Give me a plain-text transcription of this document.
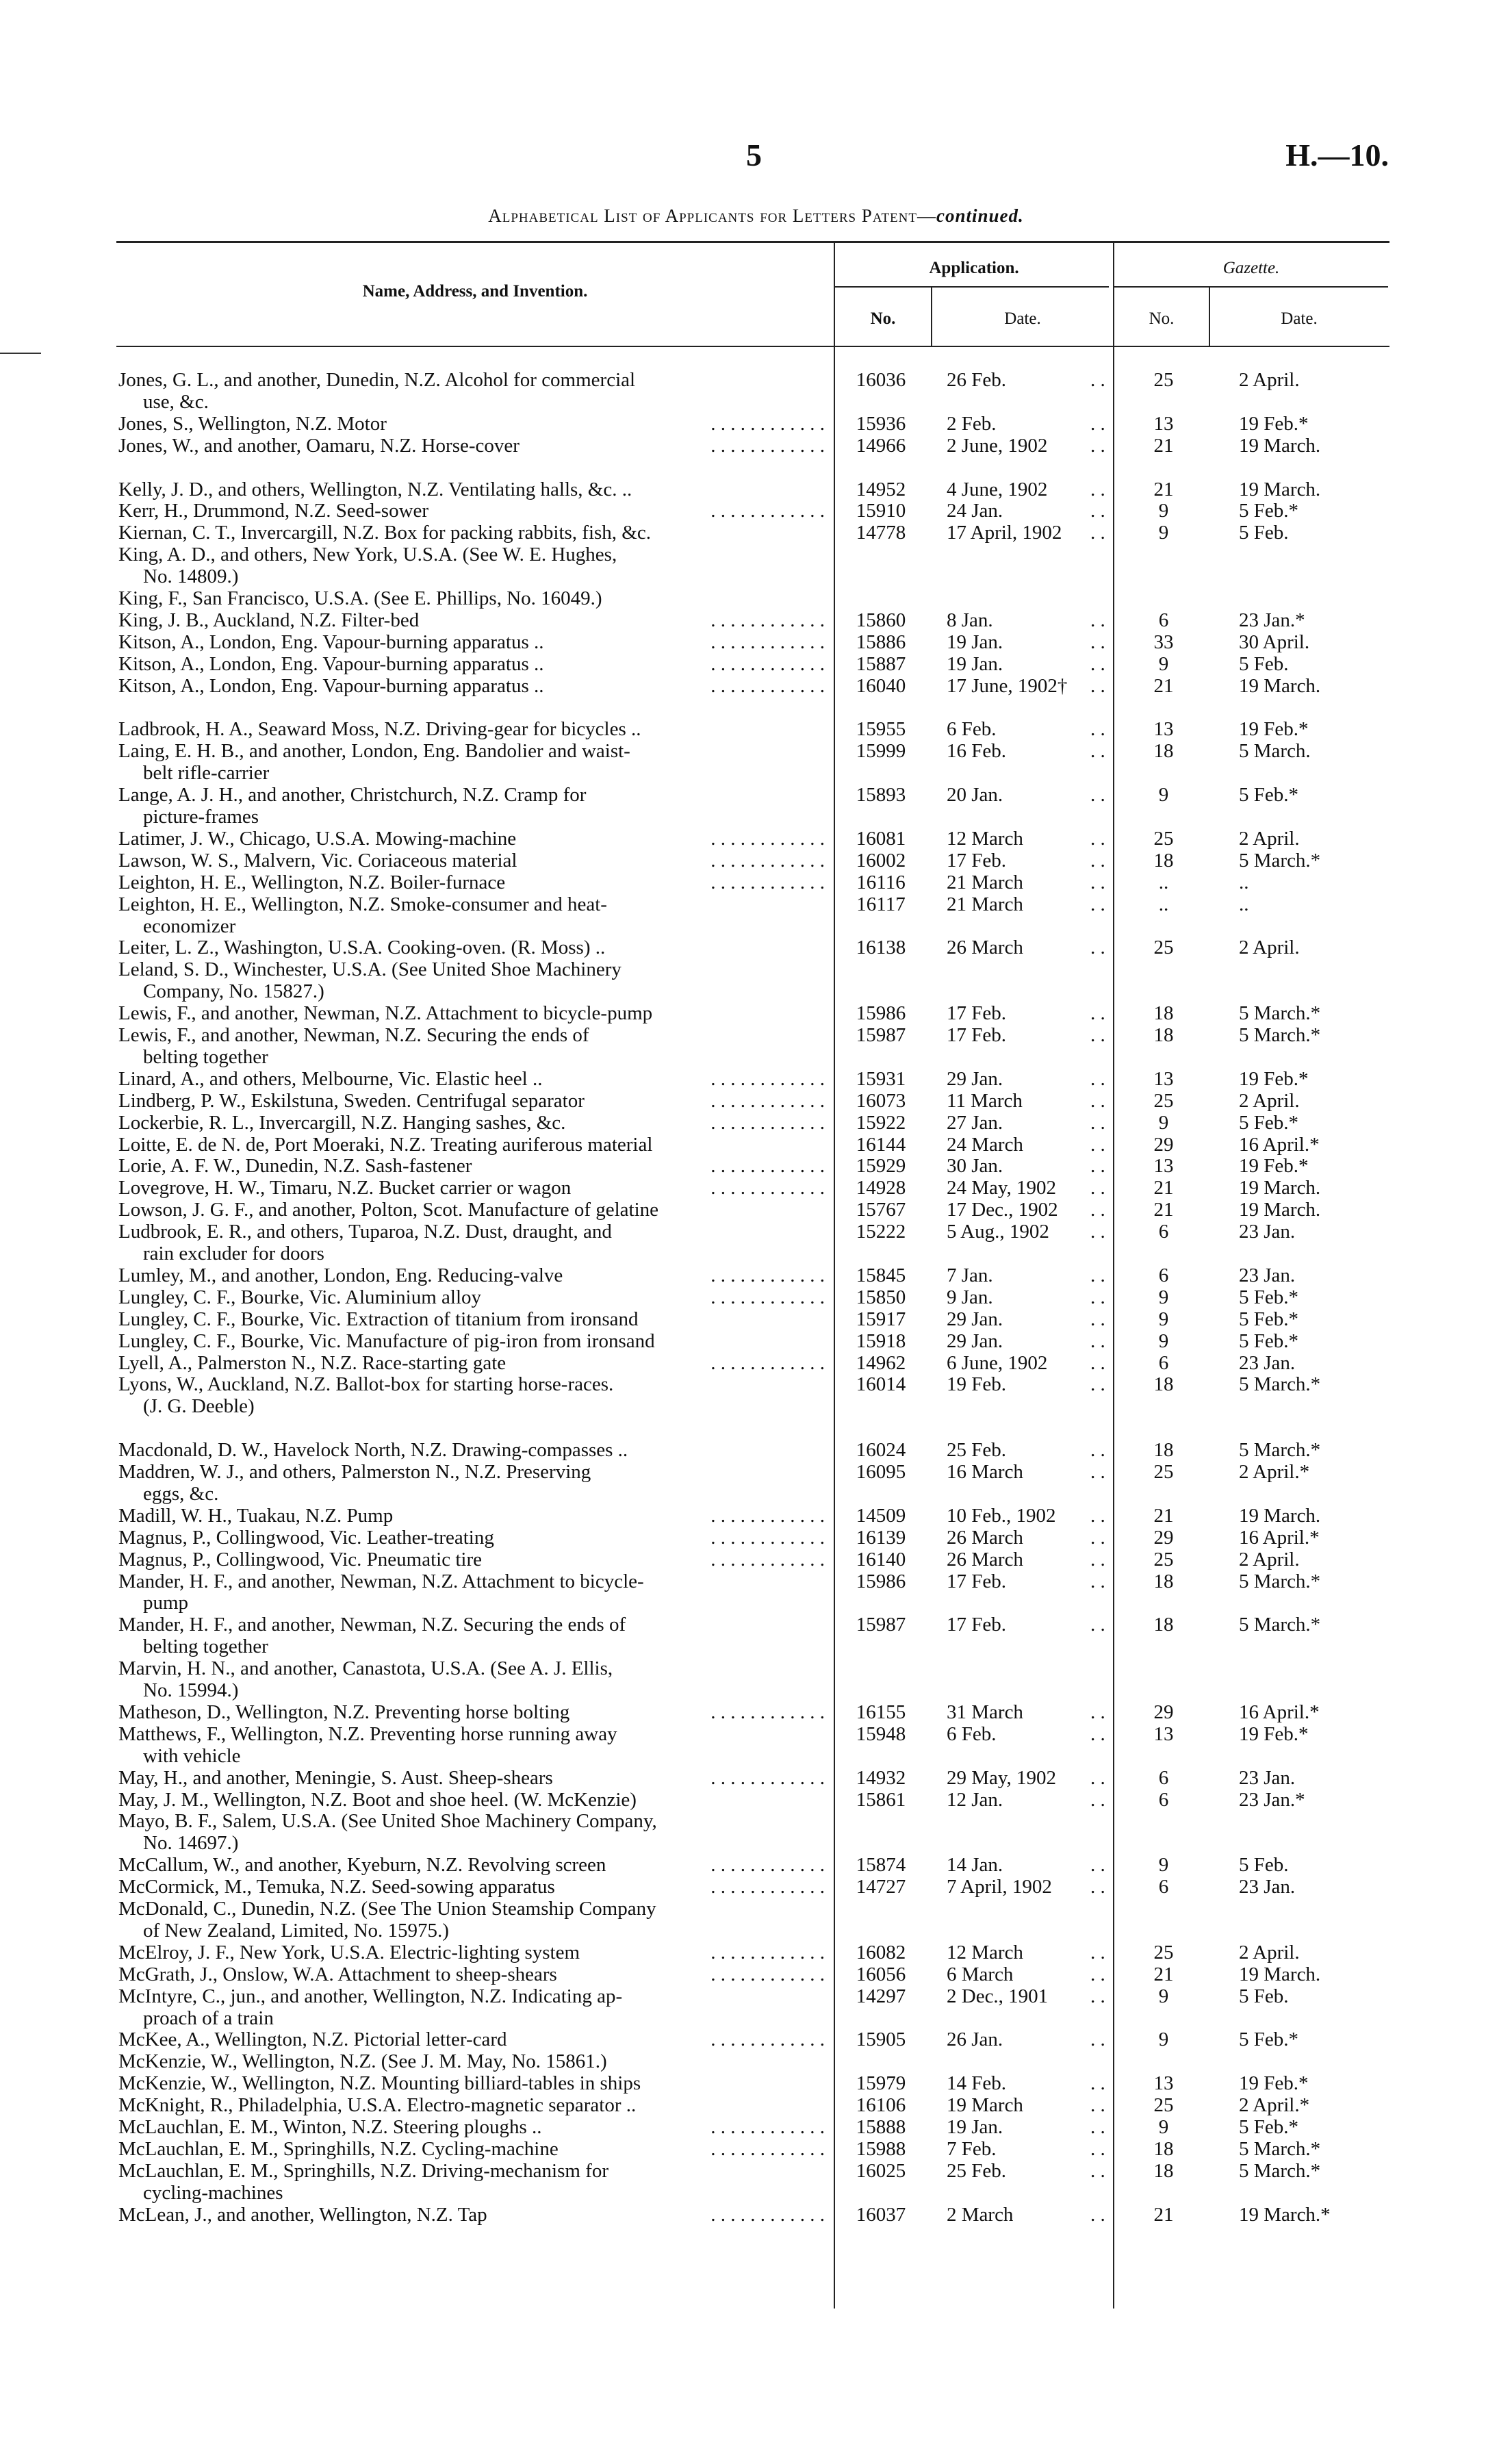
5	H.—10.
Alphabetical List of Applicants for Letters Patent—continued.
Name, Address, and Invention.
Application.
No.	Date.
Gazette.
No.	Date.
Jones, G. L., and another, Dunedin, N.Z. Alcohol for commercial	16036	26 Feb. . .	25	2 April.
use, &c.
Jones, S., Wellington, N.Z. Motor . .	15936	2 Feb. . .	13	19 Feb.*
Jones, W., and another, Oamaru, N.Z. Horse-cover . .	14966	2 June, 1902 . .	21	19 March.
Kelly, J. D., and others, Wellington, N.Z. Ventilating halls, &c. ..	14952	4 June, 1902 . .	21	19 March.
Kerr, H., Drummond, N.Z. Seed-sower . .	15910	24 Jan. . .	9	5 Feb.*
Kiernan, C. T., Invercargill, N.Z. Box for packing rabbits, fish, &c.	14778	17 April, 1902 . .	9	5 Feb.
King, A. D., and others, New York, U.S.A. (See W. E. Hughes,
No. 14809.)
King, F., San Francisco, U.S.A. (See E. Phillips, No. 16049.)
King, J. B., Auckland, N.Z. Filter-bed . .	15860	8 Jan. . .	6	23 Jan.*
Kitson, A., London, Eng. Vapour-burning apparatus .. . .	15886	19 Jan. . .	33	30 April.
Kitson, A., London, Eng. Vapour-burning apparatus .. . .	15887	19 Jan. . .	9	5 Feb.
Kitson, A., London, Eng. Vapour-burning apparatus .. . .	16040	17 June, 1902† . .	21	19 March.
Ladbrook, H. A., Seaward Moss, N.Z. Driving-gear for bicycles ..	15955	6 Feb. . .	13	19 Feb.*
Laing, E. H. B., and another, London, Eng. Bandolier and waist-	15999	16 Feb. . .	18	5 March.
belt rifle-carrier
Lange, A. J. H., and another, Christchurch, N.Z. Cramp for	15893	20 Jan. . .	9	5 Feb.*
picture-frames
Latimer, J. W., Chicago, U.S.A. Mowing-machine . .	16081	12 March . .	25	2 April.
Lawson, W. S., Malvern, Vic. Coriaceous material . .	16002	17 Feb. . .	18	5 March.*
Leighton, H. E., Wellington, N.Z. Boiler-furnace . .	16116	21 March . .	..	..
Leighton, H. E., Wellington, N.Z. Smoke-consumer and heat-	16117	21 March . .	..	..
economizer
Leiter, L. Z., Washington, U.S.A. Cooking-oven. (R. Moss) ..	16138	26 March . .	25	2 April.
Leland, S. D., Winchester, U.S.A. (See United Shoe Machinery
Company, No. 15827.)
Lewis, F., and another, Newman, N.Z. Attachment to bicycle-pump	15986	17 Feb. . .	18	5 March.*
Lewis, F., and another, Newman, N.Z. Securing the ends of	15987	17 Feb. . .	18	5 March.*
belting together
Linard, A., and others, Melbourne, Vic. Elastic heel .. . .	15931	29 Jan. . .	13	19 Feb.*
Lindberg, P. W., Eskilstuna, Sweden. Centrifugal separator . .	16073	11 March . .	25	2 April.
Lockerbie, R. L., Invercargill, N.Z. Hanging sashes, &c. . .	15922	27 Jan. . .	9	5 Feb.*
Loitte, E. de N. de, Port Moeraki, N.Z. Treating auriferous material	16144	24 March . .	29	16 April.*
Lorie, A. F. W., Dunedin, N.Z. Sash-fastener . .	15929	30 Jan. . .	13	19 Feb.*
Lovegrove, H. W., Timaru, N.Z. Bucket carrier or wagon . .	14928	24 May, 1902 . .	21	19 March.
Lowson, J. G. F., and another, Polton, Scot. Manufacture of gelatine	15767	17 Dec., 1902 . .	21	19 March.
Ludbrook, E. R., and others, Tuparoa, N.Z. Dust, draught, and	15222	5 Aug., 1902 . .	6	23 Jan.
rain excluder for doors
Lumley, M., and another, London, Eng. Reducing-valve . .	15845	7 Jan. . .	6	23 Jan.
Lungley, C. F., Bourke, Vic. Aluminium alloy . .	15850	9 Jan. . .	9	5 Feb.*
Lungley, C. F., Bourke, Vic. Extraction of titanium from ironsand	15917	29 Jan. . .	9	5 Feb.*
Lungley, C. F., Bourke, Vic. Manufacture of pig-iron from ironsand	15918	29 Jan. . .	9	5 Feb.*
Lyell, A., Palmerston N., N.Z. Race-starting gate . .	14962	6 June, 1902 . .	6	23 Jan.
Lyons, W., Auckland, N.Z. Ballot-box for starting horse-races.	16014	19 Feb. . .	18	5 March.*
(J. G. Deeble)
Macdonald, D. W., Havelock North, N.Z. Drawing-compasses ..	16024	25 Feb. . .	18	5 March.*
Maddren, W. J., and others, Palmerston N., N.Z. Preserving	16095	16 March . .	25	2 April.*
eggs, &c.
Madill, W. H., Tuakau, N.Z. Pump . .	14509	10 Feb., 1902 . .	21	19 March.
Magnus, P., Collingwood, Vic. Leather-treating . .	16139	26 March . .	29	16 April.*
Magnus, P., Collingwood, Vic. Pneumatic tire . .	16140	26 March . .	25	2 April.
Mander, H. F., and another, Newman, N.Z. Attachment to bicycle-	15986	17 Feb. . .	18	5 March.*
pump
Mander, H. F., and another, Newman, N.Z. Securing the ends of	15987	17 Feb. . .	18	5 March.*
belting together
Marvin, H. N., and another, Canastota, U.S.A. (See A. J. Ellis,
No. 15994.)
Matheson, D., Wellington, N.Z. Preventing horse bolting . .	16155	31 March . .	29	16 April.*
Matthews, F., Wellington, N.Z. Preventing horse running away	15948	6 Feb. . .	13	19 Feb.*
with vehicle
May, H., and another, Meningie, S. Aust. Sheep-shears . .	14932	29 May, 1902 . .	6	23 Jan.
May, J. M., Wellington, N.Z. Boot and shoe heel. (W. McKenzie)	15861	12 Jan. . .	6	23 Jan.*
Mayo, B. F., Salem, U.S.A. (See United Shoe Machinery Company,
No. 14697.)
McCallum, W., and another, Kyeburn, N.Z. Revolving screen . .	15874	14 Jan. . .	9	5 Feb.
McCormick, M., Temuka, N.Z. Seed-sowing apparatus . .	14727	7 April, 1902 . .	6	23 Jan.
McDonald, C., Dunedin, N.Z. (See The Union Steamship Company
of New Zealand, Limited, No. 15975.)
McElroy, J. F., New York, U.S.A. Electric-lighting system . .	16082	12 March . .	25	2 April.
McGrath, J., Onslow, W.A. Attachment to sheep-shears . .	16056	6 March . .	21	19 March.
McIntyre, C., jun., and another, Wellington, N.Z. Indicating ap-	14297	2 Dec., 1901 . .	9	5 Feb.
proach of a train
McKee, A., Wellington, N.Z. Pictorial letter-card . .	15905	26 Jan. . .	9	5 Feb.*
McKenzie, W., Wellington, N.Z. (See J. M. May, No. 15861.)
McKenzie, W., Wellington, N.Z. Mounting billiard-tables in ships	15979	14 Feb. . .	13	19 Feb.*
McKnight, R., Philadelphia, U.S.A. Electro-magnetic separator ..	16106	19 March . .	25	2 April.*
McLauchlan, E. M., Winton, N.Z. Steering ploughs .. . .	15888	19 Jan. . .	9	5 Feb.*
McLauchlan, E. M., Springhills, N.Z. Cycling-machine . .	15988	7 Feb. . .	18	5 March.*
McLauchlan, E. M., Springhills, N.Z. Driving-mechanism for	16025	25 Feb. . .	18	5 March.*
cycling-machines
McLean, J., and another, Wellington, N.Z. Tap . .	16037	2 March . .	21	19 March.*
